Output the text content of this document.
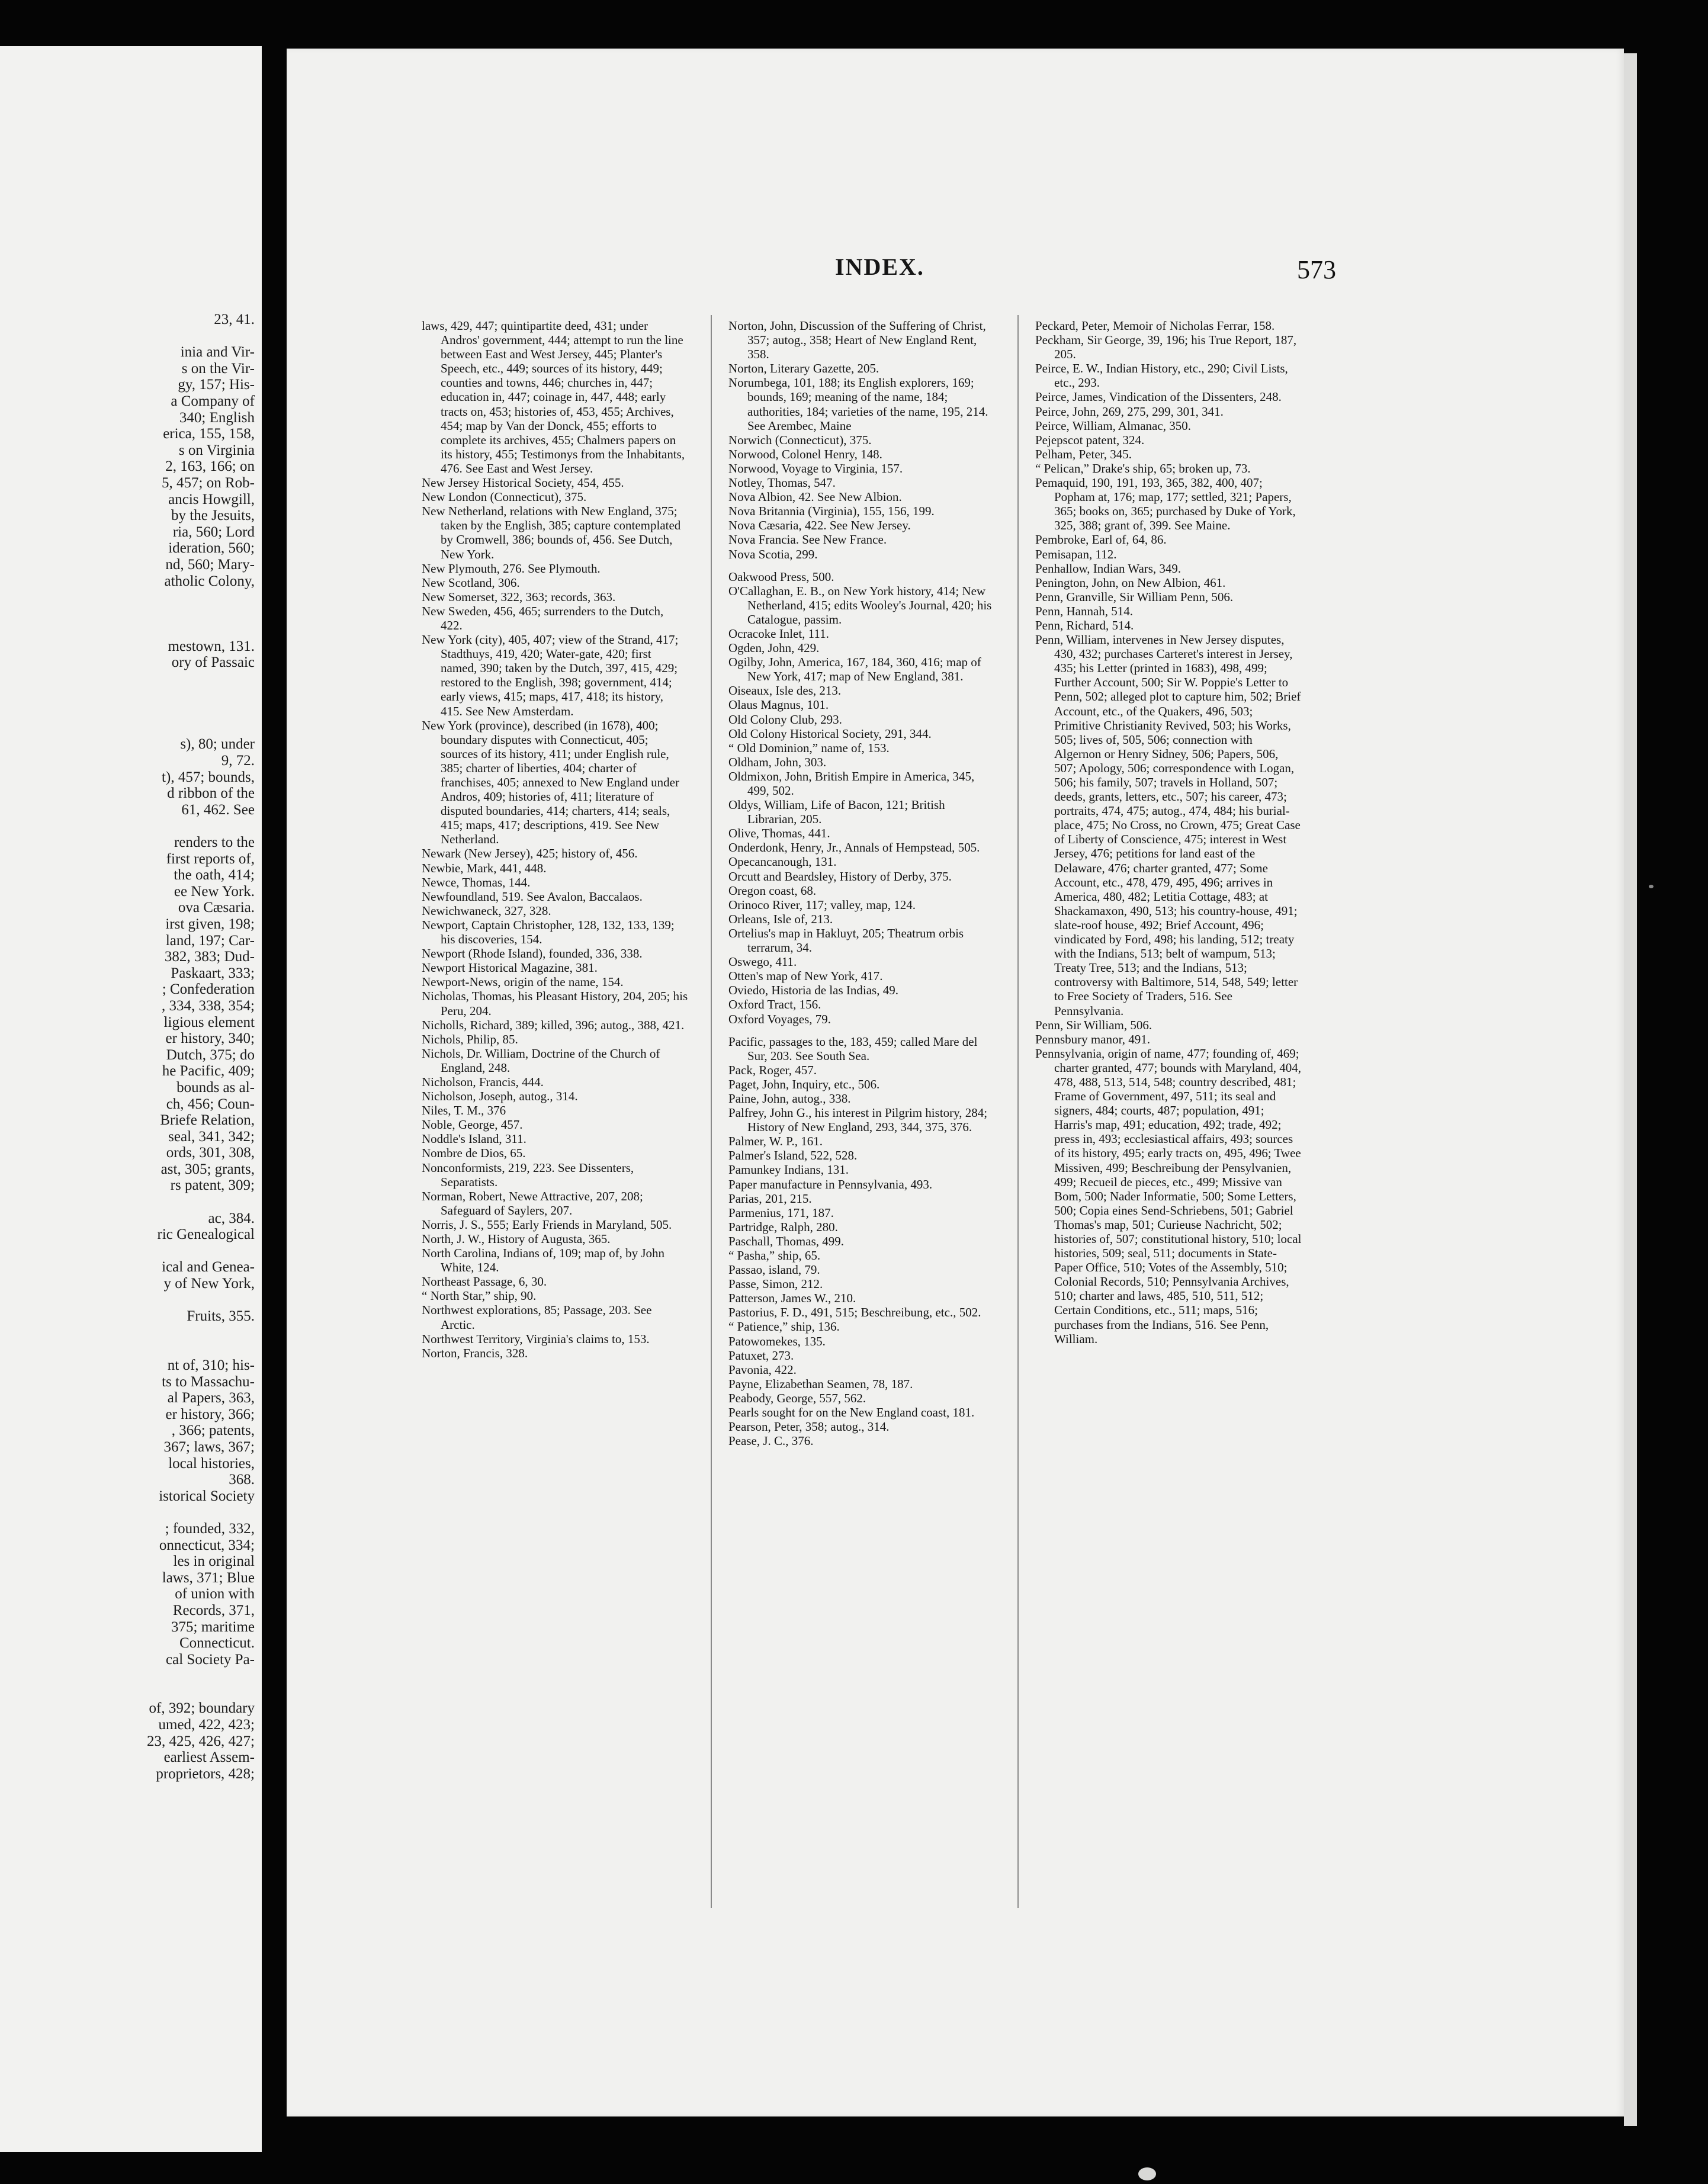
23, 41.

inia and Vir-
s on the Vir-
gy, 157; His-
a Company of
340; English
erica, 155, 158,
s on Virginia
2, 163, 166; on
5, 457; on Rob-
ancis Howgill,
by the Jesuits,
ria, 560; Lord
ideration, 560;
nd, 560; Mary-
atholic Colony,

mestown, 131.
ory of Passaic

s), 80; under
9, 72.
t), 457; bounds,
d ribbon of the
61, 462. See

renders to the
first reports of,
the oath, 414;
ee New York.
ova Cæsaria.
irst given, 198;
land, 197; Car-
382, 383; Dud-
Paskaart, 333;
; Confederation
, 334, 338, 354;
ligious element
er history, 340;
Dutch, 375; do
he Pacific, 409;
bounds as al-
ch, 456; Coun-
Briefe Relation,
seal, 341, 342;
ords, 301, 308,
ast, 305; grants,
rs patent, 309;

ac, 384.
ric Genealogical

ical and Genea-
y of New York,

Fruits, 355.

nt of, 310; his-
ts to Massachu-
al Papers, 363,
er history, 366;
, 366; patents,
367; laws, 367;
local histories,
368.
istorical Society

; founded, 332,
onnecticut, 334;
les in original
laws, 371; Blue
of union with
Records, 371,
375; maritime
Connecticut.
cal Society Pa-

of, 392; boundary
umed, 422, 423;
23, 425, 426, 427;
earliest Assem-
proprietors, 428;
INDEX.	573

laws, 429, 447; quintipartite deed, 431; under Andros' government, 444; attempt to run the line between East and West Jersey, 445; Planter's Speech, etc., 449; sources of its history, 449; counties and towns, 446; churches in, 447; education in, 447; coinage in, 447, 448; early tracts on, 453; histories of, 453, 455; Archives, 454; map by Van der Donck, 455; efforts to complete its archives, 455; Chalmers papers on its history, 455; Testimonys from the Inhabitants, 476. See East and West Jersey.

New Jersey Historical Society, 454, 455.

New London (Connecticut), 375.

New Netherland, relations with New England, 375; taken by the English, 385; capture contemplated by Cromwell, 386; bounds of, 456. See Dutch, New York.

New Plymouth, 276. See Plymouth.

New Scotland, 306.

New Somerset, 322, 363; records, 363.

New Sweden, 456, 465; surrenders to the Dutch, 422.

New York (city), 405, 407; view of the Strand, 417; Stadthuys, 419, 420; Water-gate, 420; first named, 390; taken by the Dutch, 397, 415, 429; restored to the English, 398; government, 414; early views, 415; maps, 417, 418; its history, 415. See New Amsterdam.

New York (province), described (in 1678), 400; boundary disputes with Connecticut, 405; sources of its history, 411; under English rule, 385; charter of liberties, 404; charter of franchises, 405; annexed to New England under Andros, 409; histories of, 411; literature of disputed boundaries, 414; charters, 414; seals, 415; maps, 417; descriptions, 419. See New Netherland.

Newark (New Jersey), 425; history of, 456.

Newbie, Mark, 441, 448.

Newce, Thomas, 144.

Newfoundland, 519. See Avalon, Baccalaos.

Newichwaneck, 327, 328.

Newport, Captain Christopher, 128, 132, 133, 139; his discoveries, 154.

Newport (Rhode Island), founded, 336, 338.

Newport Historical Magazine, 381.

Newport-News, origin of the name, 154.

Nicholas, Thomas, his Pleasant History, 204, 205; his Peru, 204.

Nicholls, Richard, 389; killed, 396; autog., 388, 421.

Nichols, Philip, 85.

Nichols, Dr. William, Doctrine of the Church of England, 248.

Nicholson, Francis, 444.

Nicholson, Joseph, autog., 314.

Niles, T. M., 376

Noble, George, 457.

Noddle's Island, 311.

Nombre de Dios, 65.

Nonconformists, 219, 223. See Dissenters, Separatists.

Norman, Robert, Newe Attractive, 207, 208; Safeguard of Saylers, 207.

Norris, J. S., 555; Early Friends in Maryland, 505.

North, J. W., History of Augusta, 365.

North Carolina, Indians of, 109; map of, by John White, 124.

Northeast Passage, 6, 30.

“ North Star,” ship, 90.

Northwest explorations, 85; Passage, 203. See Arctic.

Northwest Territory, Virginia's claims to, 153.

Norton, Francis, 328.

Norton, John, Discussion of the Suffering of Christ, 357; autog., 358; Heart of New England Rent, 358.

Norton, Literary Gazette, 205.

Norumbega, 101, 188; its English explorers, 169; bounds, 169; meaning of the name, 184; authorities, 184; varieties of the name, 195, 214. See Arembec, Maine

Norwich (Connecticut), 375.

Norwood, Colonel Henry, 148.

Norwood, Voyage to Virginia, 157.

Notley, Thomas, 547.

Nova Albion, 42. See New Albion.

Nova Britannia (Virginia), 155, 156, 199.

Nova Cæsaria, 422. See New Jersey.

Nova Francia. See New France.

Nova Scotia, 299.

Oakwood Press, 500.

O'Callaghan, E. B., on New York history, 414; New Netherland, 415; edits Wooley's Journal, 420; his Catalogue, passim.

Ocracoke Inlet, 111.

Ogden, John, 429.

Ogilby, John, America, 167, 184, 360, 416; map of New York, 417; map of New England, 381.

Oiseaux, Isle des, 213.

Olaus Magnus, 101.

Old Colony Club, 293.

Old Colony Historical Society, 291, 344.

“ Old Dominion,” name of, 153.

Oldham, John, 303.

Oldmixon, John, British Empire in America, 345, 499, 502.

Oldys, William, Life of Bacon, 121; British Librarian, 205.

Olive, Thomas, 441.

Onderdonk, Henry, Jr., Annals of Hempstead, 505.

Opecancanough, 131.

Orcutt and Beardsley, History of Derby, 375.

Oregon coast, 68.

Orinoco River, 117; valley, map, 124.

Orleans, Isle of, 213.

Ortelius's map in Hakluyt, 205; Theatrum orbis terrarum, 34.

Oswego, 411.

Otten's map of New York, 417.

Oviedo, Historia de las Indias, 49.

Oxford Tract, 156.

Oxford Voyages, 79.

Pacific, passages to the, 183, 459; called Mare del Sur, 203. See South Sea.

Pack, Roger, 457.

Paget, John, Inquiry, etc., 506.

Paine, John, autog., 338.

Palfrey, John G., his interest in Pilgrim history, 284; History of New England, 293, 344, 375, 376.

Palmer, W. P., 161.

Palmer's Island, 522, 528.

Pamunkey Indians, 131.

Paper manufacture in Pennsylvania, 493.

Parias, 201, 215.

Parmenius, 171, 187.

Partridge, Ralph, 280.

Paschall, Thomas, 499.

“ Pasha,” ship, 65.

Passao, island, 79.

Passe, Simon, 212.

Patterson, James W., 210.

Pastorius, F. D., 491, 515; Beschreibung, etc., 502.

“ Patience,” ship, 136.

Patowomekes, 135.

Patuxet, 273.

Pavonia, 422.

Payne, Elizabethan Seamen, 78, 187.

Peabody, George, 557, 562.

Pearls sought for on the New England coast, 181.

Pearson, Peter, 358; autog., 314.

Pease, J. C., 376.

Peckard, Peter, Memoir of Nicholas Ferrar, 158.

Peckham, Sir George, 39, 196; his True Report, 187, 205.

Peirce, E. W., Indian History, etc., 290; Civil Lists, etc., 293.

Peirce, James, Vindication of the Dissenters, 248.

Peirce, John, 269, 275, 299, 301, 341.

Peirce, William, Almanac, 350.

Pejepscot patent, 324.

Pelham, Peter, 345.

“ Pelican,” Drake's ship, 65; broken up, 73.

Pemaquid, 190, 191, 193, 365, 382, 400, 407; Popham at, 176; map, 177; settled, 321; Papers, 365; books on, 365; purchased by Duke of York, 325, 388; grant of, 399. See Maine.

Pembroke, Earl of, 64, 86.

Pemisapan, 112.

Penhallow, Indian Wars, 349.

Penington, John, on New Albion, 461.

Penn, Granville, Sir William Penn, 506.

Penn, Hannah, 514.

Penn, Richard, 514.

Penn, William, intervenes in New Jersey disputes, 430, 432; purchases Carteret's interest in Jersey, 435; his Letter (printed in 1683), 498, 499; Further Account, 500; Sir W. Poppie's Letter to Penn, 502; alleged plot to capture him, 502; Brief Account, etc., of the Quakers, 496, 503; Primitive Christianity Revived, 503; his Works, 505; lives of, 505, 506; connection with Algernon or Henry Sidney, 506; Papers, 506, 507; Apology, 506; correspondence with Logan, 506; his family, 507; travels in Holland, 507; deeds, grants, letters, etc., 507; his career, 473; portraits, 474, 475; autog., 474, 484; his burial-place, 475; No Cross, no Crown, 475; Great Case of Liberty of Conscience, 475; interest in West Jersey, 476; petitions for land east of the Delaware, 476; charter granted, 477; Some Account, etc., 478, 479, 495, 496; arrives in America, 480, 482; Letitia Cottage, 483; at Shackamaxon, 490, 513; his country-house, 491; slate-roof house, 492; Brief Account, 496; vindicated by Ford, 498; his landing, 512; treaty with the Indians, 513; belt of wampum, 513; Treaty Tree, 513; and the Indians, 513; controversy with Baltimore, 514, 548, 549; letter to Free Society of Traders, 516. See Pennsylvania.

Penn, Sir William, 506.

Pennsbury manor, 491.

Pennsylvania, origin of name, 477; founding of, 469; charter granted, 477; bounds with Maryland, 404, 478, 488, 513, 514, 548; country described, 481; Frame of Government, 497, 511; its seal and signers, 484; courts, 487; population, 491; Harris's map, 491; education, 492; trade, 492; press in, 493; ecclesiastical affairs, 493; sources of its history, 495; early tracts on, 495, 496; Twee Missiven, 499; Beschreibung der Pensylvanien, 499; Recueil de pieces, etc., 499; Missive van Bom, 500; Nader Informatie, 500; Some Letters, 500; Copia eines Send-Schriebens, 501; Gabriel Thomas's map, 501; Curieuse Nachricht, 502; histories of, 507; constitutional history, 510; local histories, 509; seal, 511; documents in State-Paper Office, 510; Votes of the Assembly, 510; Colonial Records, 510; Pennsylvania Archives, 510; charter and laws, 485, 510, 511, 512; Certain Conditions, etc., 511; maps, 516; purchases from the Indians, 516. See Penn, William.
